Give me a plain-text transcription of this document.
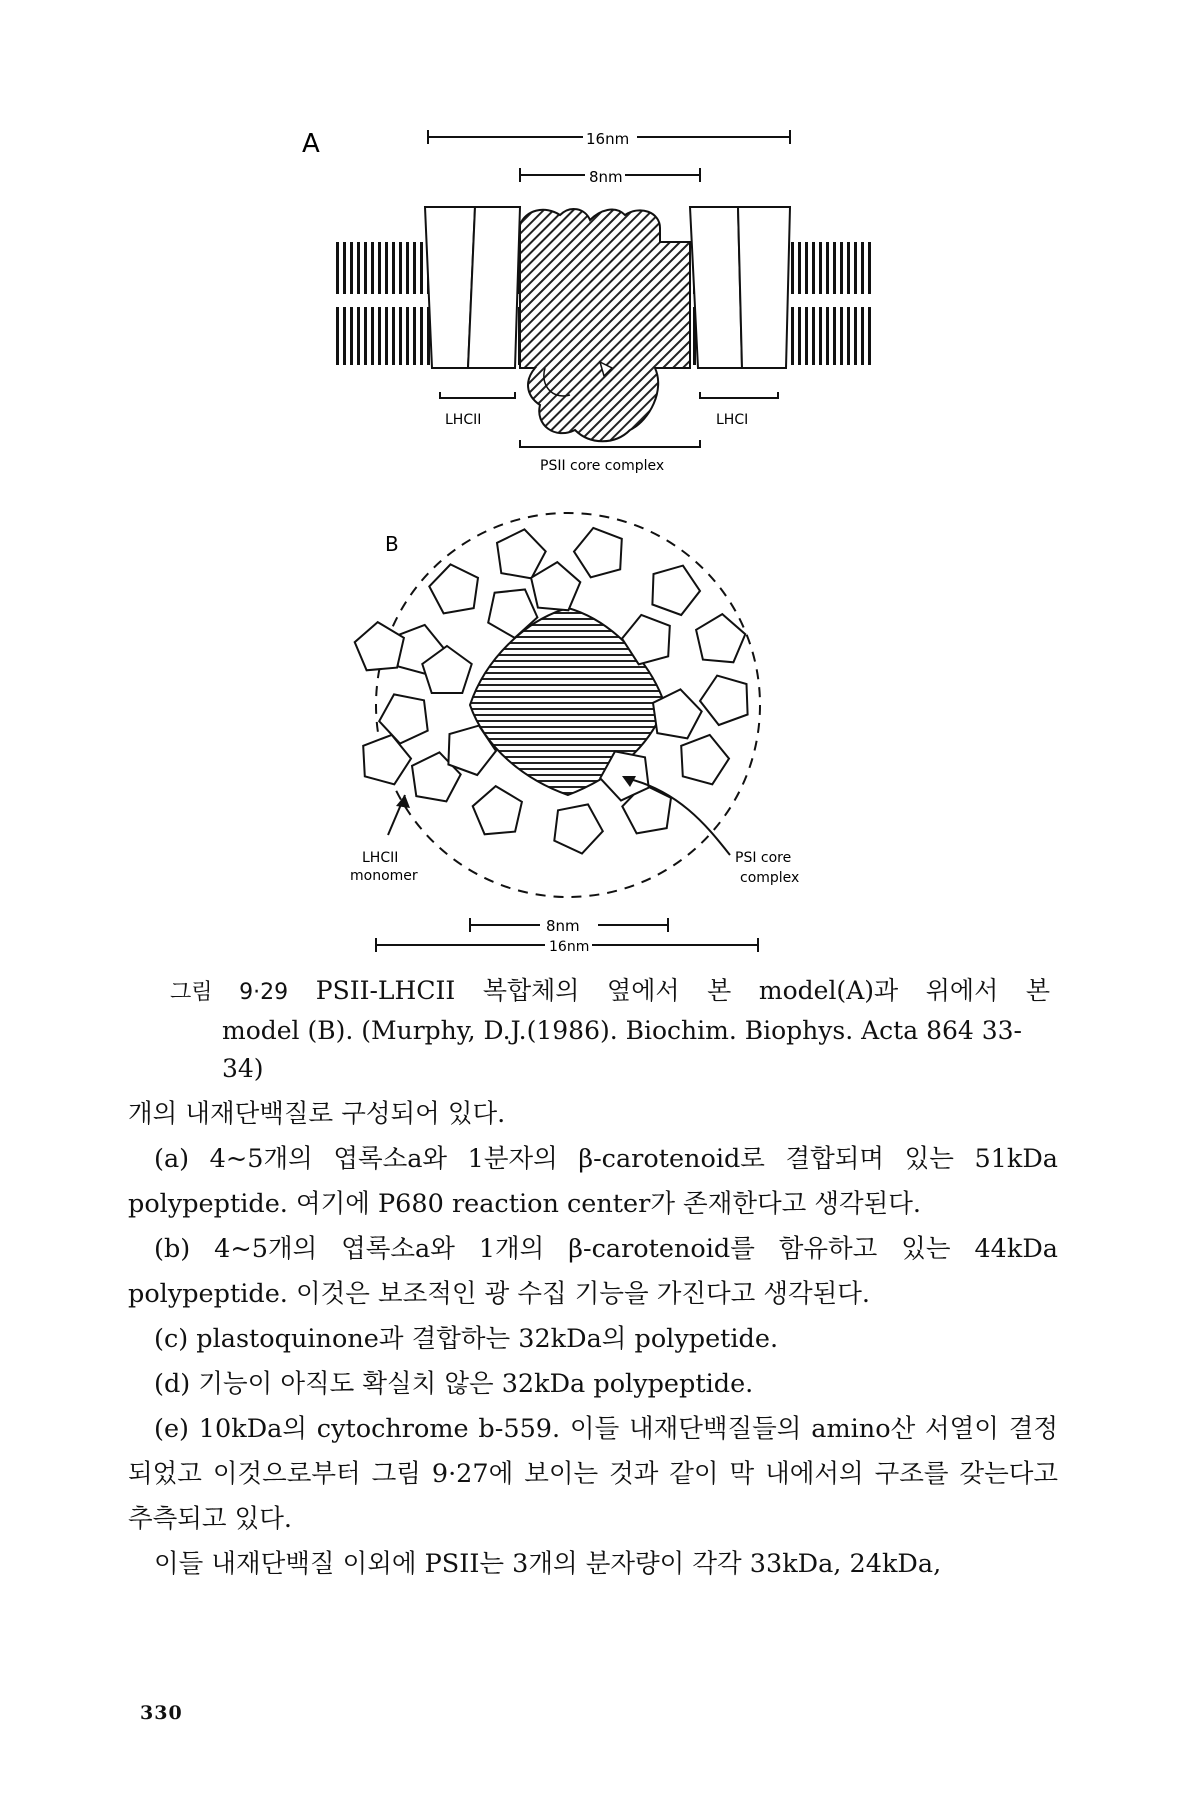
A	16nm
8nm
LHCII	LHCI
PSII core complex
B
LHCII
monomer
PSI core
complex
8nm
16nm
그림 9·29 PSII-LHCII 복합체의 옆에서 본 model(A)과 위에서 본
model (B). (Murphy, D.J.(1986). Biochim. Biophys. Acta 864 33-34)

개의 내재단백질로 구성되어 있다.

(a) 4~5개의 엽록소a와 1분자의 β-carotenoid로 결합되며 있는 51kDa polypeptide. 여기에 P680 reaction center가 존재한다고 생각된다.

(b) 4~5개의 엽록소a와 1개의 β-carotenoid를 함유하고 있는 44kDa polypeptide. 이것은 보조적인 광 수집 기능을 가진다고 생각된다.

(c) plastoquinone과 결합하는 32kDa의 polypetide.

(d) 기능이 아직도 확실치 않은 32kDa polypeptide.

(e) 10kDa의 cytochrome b-559. 이들 내재단백질들의 amino산 서열이 결정되었고 이것으로부터 그림 9·27에 보이는 것과 같이 막 내에서의 구조를 갖는다고 추측되고 있다.

이들 내재단백질 이외에 PSII는 3개의 분자량이 각각 33kDa, 24kDa,

330
